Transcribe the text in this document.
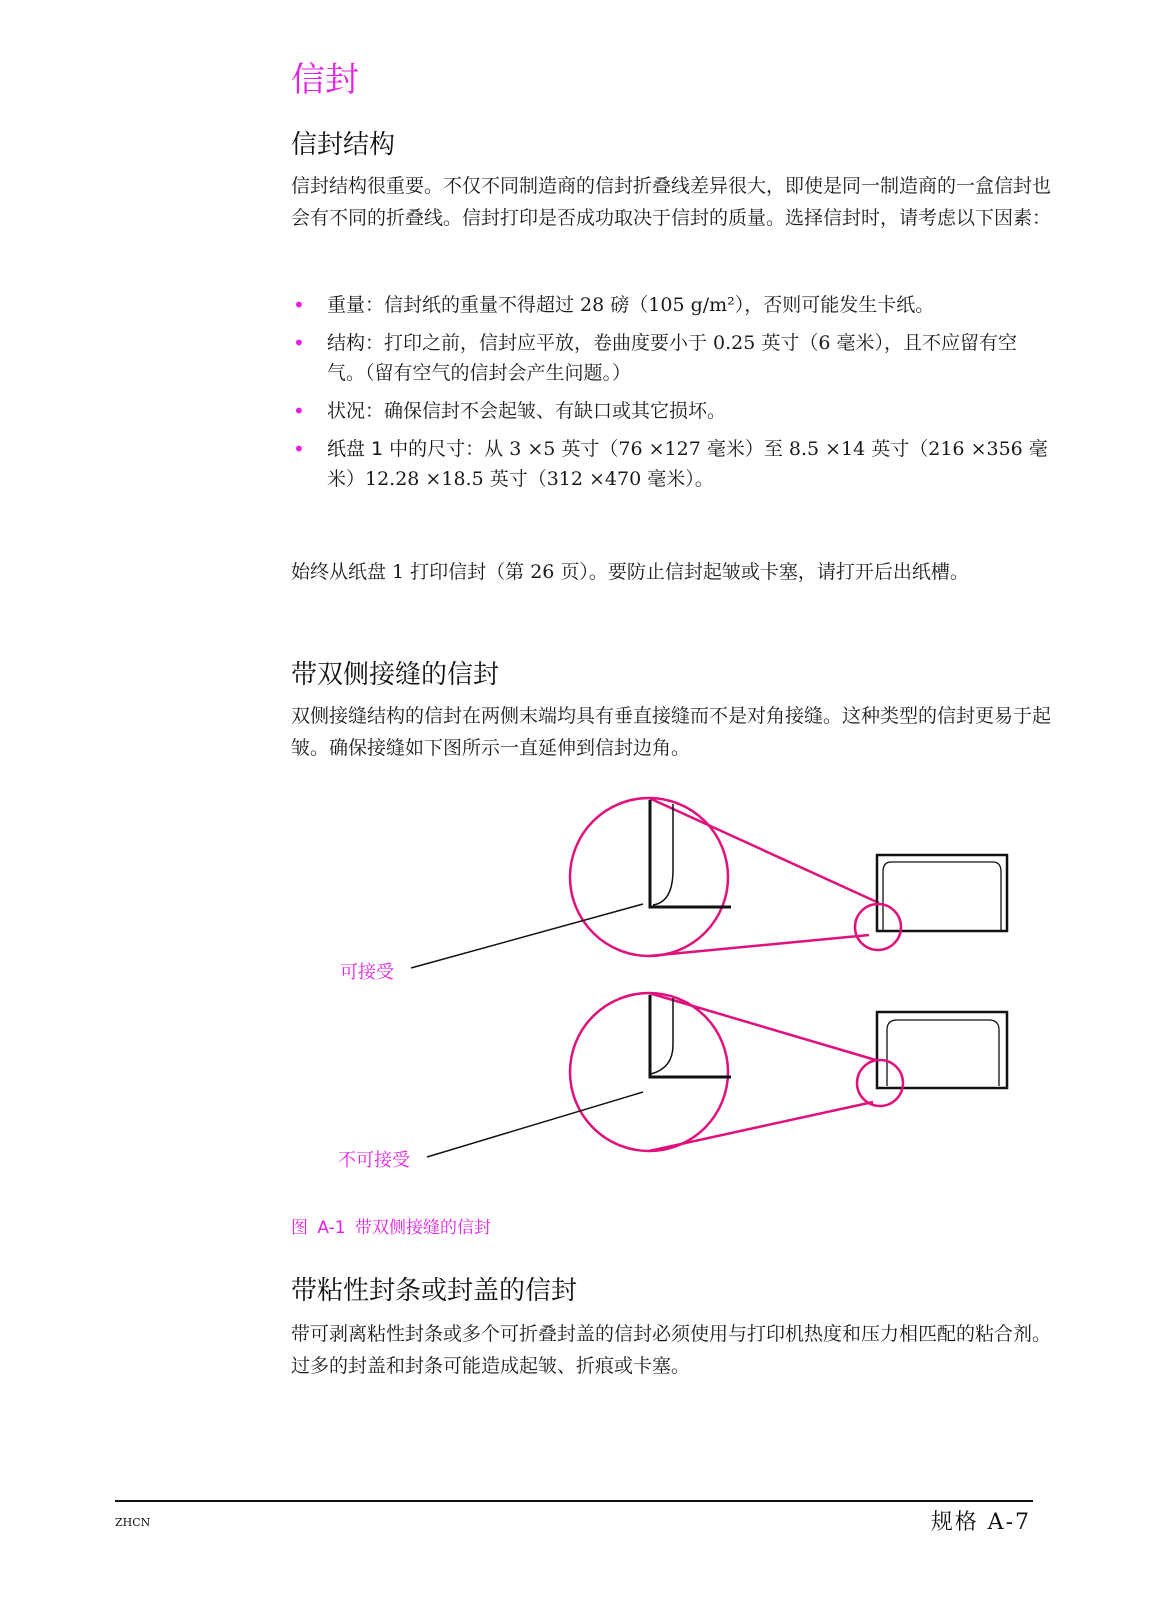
信封
信封结构

信封结构很重要。不仅不同制造商的信封折叠线差异很大，即使是同一制造商的一盒信封也会有不同的折叠线。信封打印是否成功取决于信封的质量。选择信封时，请考虑以下因素：

• 重量：信封纸的重量不得超过 28 磅（105 g/m²），否则可能发生卡纸。
• 结构：打印之前，信封应平放，卷曲度要小于 0.25 英寸（6 毫米），且不应留有空气。（留有空气的信封会产生问题。）
• 状况：确保信封不会起皱、有缺口或其它损坏。
• 纸盘 1 中的尺寸：从 3 ×5 英寸（76 ×127 毫米）至 8.5 ×14 英寸（216 ×356 毫米）12.28 ×18.5 英寸（312 ×470 毫米）。

始终从纸盘 1 打印信封（第 26 页）。要防止信封起皱或卡塞，请打开后出纸槽。

带双侧接缝的信封

双侧接缝结构的信封在两侧末端均具有垂直接缝而不是对角接缝。这种类型的信封更易于起皱。确保接缝如下图所示一直延伸到信封边角。

可接受
不可接受
图 A-1 带双侧接缝的信封
带粘性封条或封盖的信封

带可剥离粘性封条或多个可折叠封盖的信封必须使用与打印机热度和压力相匹配的粘合剂。过多的封盖和封条可能造成起皱、折痕或卡塞。

ZHCN	规格 A-7
